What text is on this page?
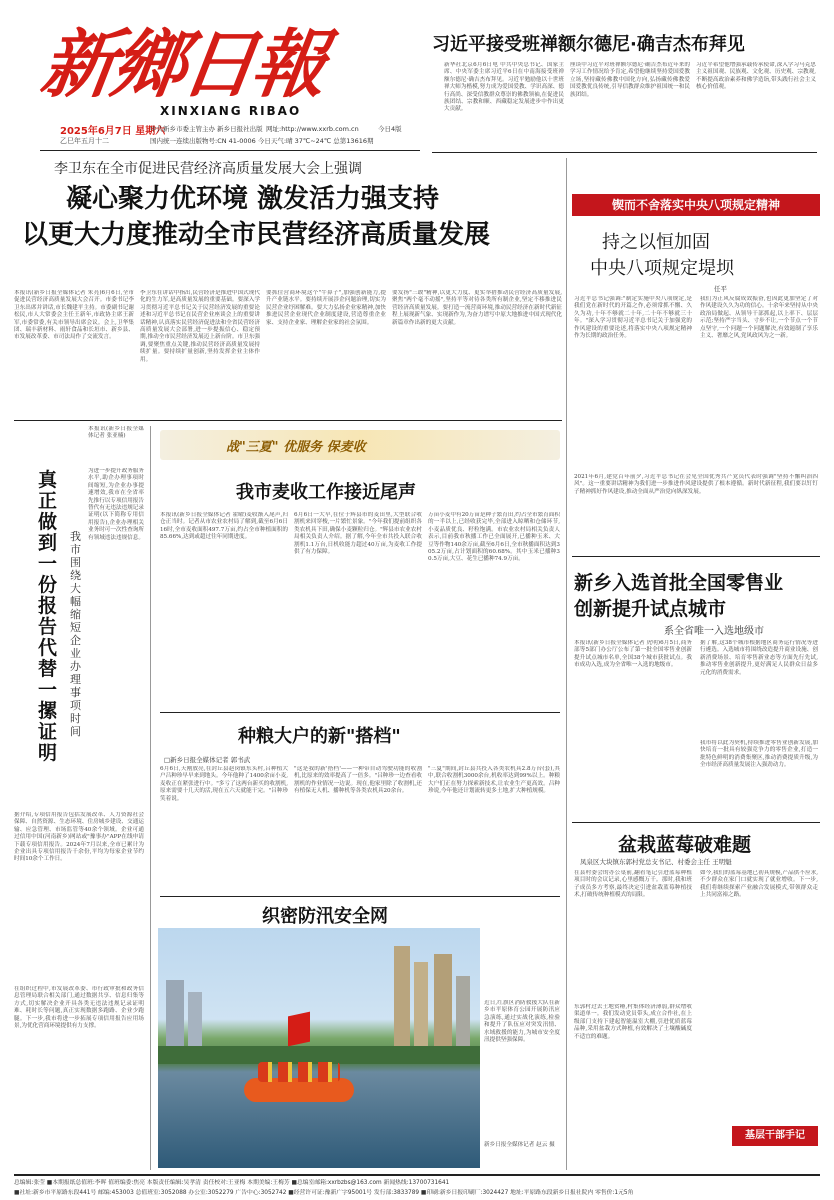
新鄉日報
XINXIANG RIBAO
2025年6月7日 星期六
乙巳年五月十二
中共新乡市委主管主办 新乡日报社出版 网址:http://www.xxrb.com.cn	今日4版
国内统一连续出版物号:CN 41-0006 今日天气:晴 37℃~24℃ 总第13616期
习近平接受班禅额尔德尼·确吉杰布拜见
新华社北京6月6日电 中共中央总书记、国家主席、中央军委主席习近平6日在中南海接受班禅额尔德尼·确吉杰布拜见。习近平勉励他以十世班禅大师为楷模,努力成为爱国爱教、学识高深、德行高尚、深受信教群众尊崇的佛教领袖,在促进民族团结、宗教和顺、西藏稳定发展进步中作出更大贡献。
座谈中习近平对班禅额尔德尼·确吉杰布近年来的学习工作情况给予肯定,希望他继续坚持爱国爱教立场,坚持藏传佛教中国化方向,弘扬藏传佛教爱国爱教优良传统,引导信教群众维护祖国统一和民族团结。
习近平希望他增强承载传承使命,深入学习马克思主义祖国观、民族观、文化观、历史观、宗教观,不断提高政治素养和佛学造诣,带头践行社会主义核心价值观。
李卫东在全市促进民营经济高质量发展大会上强调
凝心聚力优环境 激发活力强支持
以更大力度推动全市民营经济高质量发展
本报讯(新乡日报全媒体记者 朱亮)6月6日,全市促进民营经济高质量发展大会召开。市委书记李卫东出席并讲话,市长魏建平主持。市委副书记谢松民,市人大常委会主任王新年,市政协主席王新军,市委常委,有关市领导出席会议。会上,卫华集团、瑞丰新材料、雨轩食品和长垣市、新乡县、市发展改革委、市司法局作了交流发言。
李卫东在讲话中指出,民营经济是推进中国式现代化的生力军,是高质量发展的重要基础。要深入学习贯彻习近平总书记关于民营经济发展的重要论述和习近平总书记在民营企业座谈会上的重要讲话精神,认真落实民营经济促进法和全省民营经济高质量发展大会部署,进一步提振信心、稳定预期,推动全市民营经济发展迈上新台阶。市卫东强调,要聚焦重点关键,推动民营经济高质量发展持续扩量。要持续扩量创新,坚持发挥企业主体作用。
要抓住营商环境这个"牛鼻子",加强创新能力,提升产业链水平。要持续开展涉企问题治理,切实为民营企业纾困解难。要大力弘扬企业家精神,加快推进民营企业现代企业制度建设,营造尊重企业家、支持企业家、理解企业家的社会氛围。
要发扬"三敢"精神,以更大力度、更实举措推动民营经济高质量发展,聚焦"两个毫不动摇",坚持平等对待各类所有制企业,坚定不移推进民营经济高质量发展。要打造一流营商环境,推动民营经济在新时代新征程上展现新气象、实现新作为,为奋力谱写中原大地推进中国式现代化新篇章作出新的更大贡献。
锲而不舍落实中央八项规定精神
持之以恒加固
中央八项规定堤坝
任平
习近平总书记强调:"制定实施中央八项规定,是我们党在新时代的开篇之作,必须常抓不懈、久久为功,十年不够就二十年,二十年不够就三十年。"深入学习贯彻习近平总书记关于加强党的作风建设的重要论述,将落实中央八项规定精神作为长期的政治任务。
我们为正风反腐成效振奋,也因此更加坚定了对作风建设久久为功的信心。十余年来坚持从中央政治局做起、从领导干部抓起,以上率下、层层示范;坚持严字当头、寸步不让,一个节点一个节点坚守,一个问题一个问题解决,有效遏制了享乐主义、奢靡之风,党风政风为之一新。
2021年6月,建党百年前夕,习近平总书记在会见全国优秀共产党员代表时强调"坚持不懈纠治四风"。这一重要讲话精神为我们进一步推进作风建设提供了根本遵循。新时代新征程,我们要以钉钉子精神抓好作风建设,推动全面从严治党向纵深发展。
本报讯(新乡日报全媒体记者 张亚楠)
真正做到一份报告代替一摞证明
我市围绕大幅缩短企业办理事项时间
为进一步提升政务服务水平,助企办理事项时间缩短,为企业办事提速增效,我市在全省率先推行以专项信用报告替代有无违法违规记录证明(以下简称专用信用报告),企业办理相关业务时可一次性查询所有领域违法违规信息。
据介绍,专项信用报告包括发展改革、人力资源社会保障、自然资源、生态环境、住房城乡建设、交通运输、应急管理、市场监管等40余个领域。企业可通过信用中国(河南新乡)网站或"豫事办"APP在线申请下载专项信用报告。2024年7月以来,全市已累计为企业出具专项信用报告千余份,平均为每家企业节约时间10余个工作日。
在组织过程中,市发展改革委、市行政审批和政务信息管理局联合相关部门,通过数据共享、信息归集等方式,切实解决企业开具各类无违法违规记录证明难、耗时长等问题,真正实现数据多跑路、企业少跑腿。下一步,我市将进一步拓展专项信用报告应用场景,为优化营商环境提供有力支撑。
战"三夏" 优服务 保麦收
我市麦收工作接近尾声
本报讯(新乡日报全媒体记者 霍曜)麦收渐入尾声,归仓正当时。记者从市农业农村局了解到,截至6月6日16时,全市麦收面积497.7万亩,约占全市种植面积的85.66%,达到或超过往年同期进度。
6月6日一大早,在位于辉县市的麦田里,大型联合收割机来回穿梭,一片繁忙景象。"今年我们提前组织各类农机具下田,确保小麦颗粒归仓。"辉县市农业农村局相关负责人介绍。据了解,今年全市共投入联合收割机1.1万台,日机收能力超过40万亩,为麦收工作提供了有力保障。
万亩小麦中有20万亩是种子繁育田,约占全市繁育面积的一半以上,已经收获完毕,全部进入晾晒和仓储环节,小麦品质优良、籽粒饱满。市农业农村局相关负责人表示,目前我市秋播工作已全面展开,已播种玉米、大豆等作物140余万亩,截至6月6日,全市秋播面积达到305.2万亩,占计划面积的60.68%。其中玉米已播种30.5万亩,大豆、花生已播种74.9万亩。
种粮大户的新"搭档"
□新乡日报全媒体记者 郭书武
6月6日,天刚放亮,在封丘县赵岗镇东头村,吕种植大户吕种珍早早来到地头。今年他种了1400余亩小麦,麦收正在紧张进行中。"多亏了这两台新买的收割机,原来需要十几天的活,现在五六天就能干完。"吕种珍笑着说。
"这是我的新'搭档'——一种带自动驾驶功能的收割机,比原来的效率提高了一倍多。"吕种珍一边查看收割机的作业情况一边说。现在,他家里除了收割机,还有植保无人机、播种机等各类农机具20余台。
"三夏"期间,封丘县共投入各类农机具2.8万台(套),其中,联合收割机3000余台,机收率达到99%以上。种粮大户们正在努力探索新技术,让农业生产更高效。吕种珍说,今年他还计划流转更多土地,扩大种植规模。
织密防汛安全网
近日,红旗区消防救援大队在新乡市平原体育公园开展防汛应急演练,通过实战化演练,检验和提升了队伍应对突发汛情、水域救援的能力,为城市安全度汛提供坚强保障。
新乡日报全媒体记者 赵云 摄
新乡入选首批全国零售业
创新提升试点城市
系全省唯一入选地级市
本报讯(新乡日报全媒体记者 虎明)6月5日,商务部等5部门办公厅公布了第一批全国零售业创新提升试点城市名单,全国38个城市获批试点。我市成功入选,成为全省唯一入选的地级市。
据了解,这38个城市根据地区商务运行情况等进行遴选。入选城市将围绕改造提升商业设施、创新消费场景、培育零售新业态等方面先行先试,推动零售业创新提升,更好满足人民群众日益多元化的消费需求。
我市将以此为契机,持续推进零售业创新发展,加快培育一批具有较强竞争力的零售企业,打造一批特色鲜明的消费集聚区,推动消费提质升级,为全市经济高质量发展注入强劲动力。
盆栽蓝莓破难题
凤泉区大块镇东郭村党总支书记、村委会主任 王明魁
在县村委会的办公桌前,翻看笔记引进蓝莓种植项目时的会议记录,心里感慨万千。那时,我和班子成员多方考察,最终决定引进盆栽蓝莓种植技术,打破传统种植模式的局限。
东郭村过去土地贫瘠,村集体经济薄弱,群众增收渠道单一。我们发动党员带头,成立合作社,在上级部门支持下建起智能温室大棚,引进优质蓝莓品种,采用盆栽方式种植,有效解决了土壤酸碱度不适宜的难题。
如今,我们的蓝莓基地已初具规模,产品供不应求,不少群众在家门口就实现了就业增收。下一步,我们将继续探索产业融合发展模式,带领群众走上共同富裕之路。
基层干部手记
总编辑:张莹 ■本期报纸总值班:李晖 值班编委:焦亮 本版责任编辑:吴孝清 责任校对:王亚梅 本期美编:王梅芳 ■总编室邮箱:xxrbzbs@163.com 新闻热线:13700731641
■社址:新乡市平原路东段441号 邮编:453003 总值班室:3052088 办公室:3052279 广告中心:3052742 ■经营许可证:豫新广字95001号 发行部:3833789 ■印刷:新乡日报印刷厂:3024427 地址:平原路东段新乡日报社院内 零售价:1元5角
